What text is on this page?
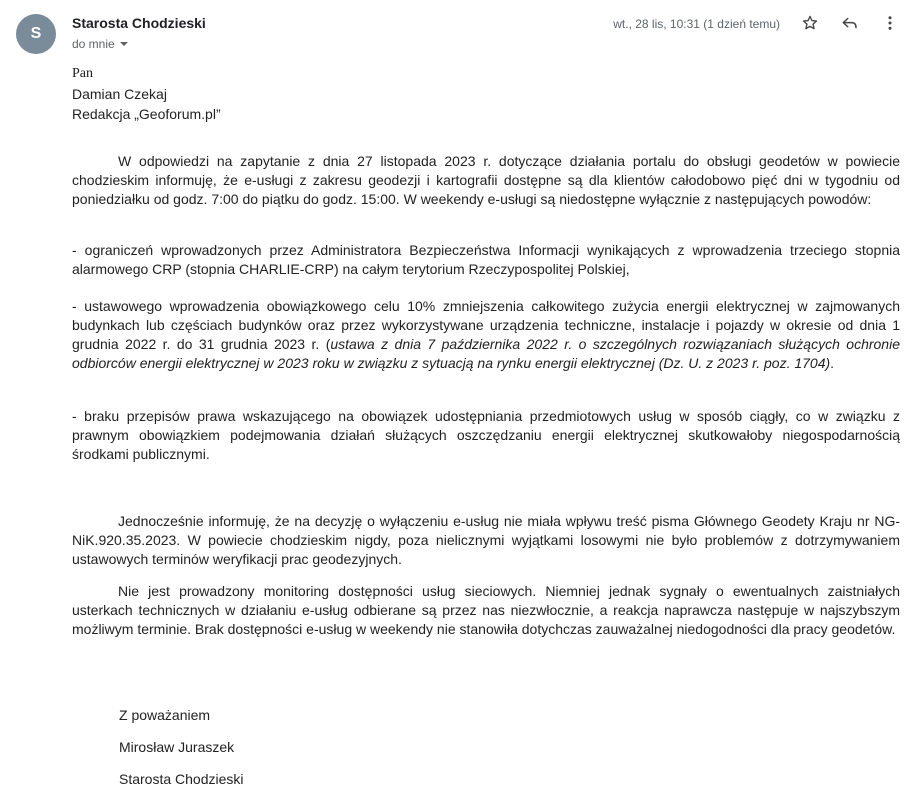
S
Starosta Chodzieski
do mnie
wt., 28 lis, 10:31 (1 dzień temu)

Pan

Damian Czekaj

Redakcja „Geoforum.pl”

W odpowiedzi na zapytanie z dnia 27 listopada 2023 r. dotyczące działania portalu do obsługi geodetów w powiecie chodzieskim informuję, że e-usługi z zakresu geodezji i kartografii dostępne są dla klientów całodobowo pięć dni w tygodniu od poniedziałku od godz. 7:00 do piątku do godz. 15:00. W weekendy e-usługi są niedostępne wyłącznie z następujących powodów:

- ograniczeń wprowadzonych przez Administratora Bezpieczeństwa Informacji wynikających z wprowadzenia trzeciego stopnia alarmowego CRP (stopnia CHARLIE-CRP) na całym terytorium Rzeczypospolitej Polskiej,

- ustawowego wprowadzenia obowiązkowego celu 10% zmniejszenia całkowitego zużycia energii elektrycznej w zajmowanych budynkach lub częściach budynków oraz przez wykorzystywane urządzenia techniczne, instalacje i pojazdy w okresie od dnia 1 grudnia 2022 r. do 31 grudnia 2023 r. (ustawa z dnia 7 października 2022 r. o szczególnych rozwiązaniach służących ochronie odbiorców energii elektrycznej w 2023 roku w związku z sytuacją na rynku energii elektrycznej (Dz. U. z 2023 r. poz. 1704).

- braku przepisów prawa wskazującego na obowiązek udostępniania przedmiotowych usług w sposób ciągły, co w związku z prawnym obowiązkiem podejmowania działań służących oszczędzaniu energii elektrycznej skutkowałoby niegospodarnością środkami publicznymi.

Jednocześnie informuję, że na decyzję o wyłączeniu e-usług nie miała wpływu treść pisma Głównego Geodety Kraju nr NG-NiK.920.35.2023. W powiecie chodzieskim nigdy, poza nielicznymi wyjątkami losowymi nie było problemów z dotrzymywaniem ustawowych terminów weryfikacji prac geodezyjnych.

Nie jest prowadzony monitoring dostępności usług sieciowych. Niemniej jednak sygnały o ewentualnych zaistniałych usterkach technicznych w działaniu e-usług odbierane są przez nas niezwłocznie, a reakcja naprawcza następuje w najszybszym możliwym terminie. Brak dostępności e-usług w weekendy nie stanowiła dotychczas zauważalnej niedogodności dla pracy geodetów.

Z poważaniem

Mirosław Juraszek

Starosta Chodzieski
